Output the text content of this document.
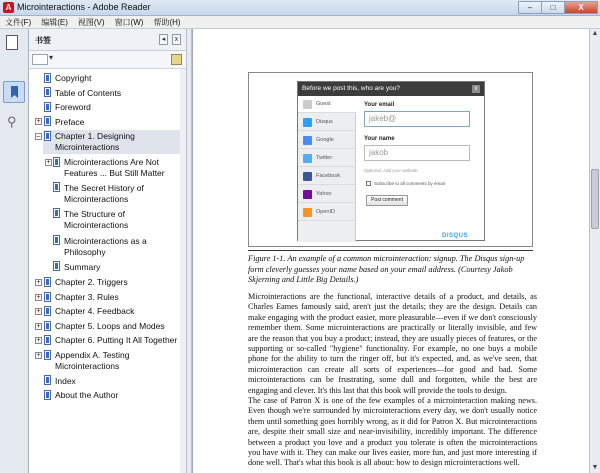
A Microinteractions - Adobe Reader	–	□	X
文件(F)	编辑(E)	视图(V)	窗口(W)	帮助(H)
⚲
书签	◂	x
▾
Copyright
Table of Contents
Foreword
+ Preface
– Chapter 1. Designing Microinteractions
+ Microinteractions Are Not Features ... But Still Matter
The Secret History of Microinteractions
The Structure of Microinteractions
Microinteractions as a Philosophy
Summary
+ Chapter 2. Triggers
+ Chapter 3. Rules
+ Chapter 4. Feedback
+ Chapter 5. Loops and Modes
+ Chapter 6. Putting It All Together
+ Appendix A. Testing Microinteractions
Index
About the Author
Before we post this, who are you?	x
Guest
Disqus
Google
Twitter
Facebook
Yahoo
OpenID
Your email
jakeb@
Your name
jakob
Optional: Add your website
Subscribe to all comments by email
Post comment
DISQUS
Figure 1-1. An example of a common microinteraction: signup. The Disqus sign-up form cleverly guesses your name based on your email address. (Courtesy Jakob Skjerning and Little Big Details.)
Microinteractions are the functional, interactive details of a product, and details, as Charles Eames famously said, aren't just the details; they are the design. Details can make engaging with the product easier, more pleasurable—even if we don't consciously remember them. Some microinteractions are practically or literally invisible, and few are the reason that you buy a product; instead, they are usually pieces of features, or the supporting or so-called "hygiene" functionality. For example, no one buys a mobile phone for the ability to turn the ringer off, but it's expected, and, as we've seen, that microinteraction can create all sorts of experiences—for good and bad. Some microinteractions can be frustrating, some dull and forgotten, while the best are engaging and clever. It's this last that this book will provide the tools to design.
The case of Patron X is one of the few examples of a microinteraction making news. Even though we're surrounded by microinteractions every day, we don't usually notice them until something goes horribly wrong, as it did for Patron X. But microinteractions are, despite their small size and near-invisibility, incredibly important. The difference between a product you love and a product you tolerate is often the microinteractions you have with it. They can make our lives easier, more fun, and just more interesting if done well. That's what this book is all about: how to design microinteractions well.
▲
▼
